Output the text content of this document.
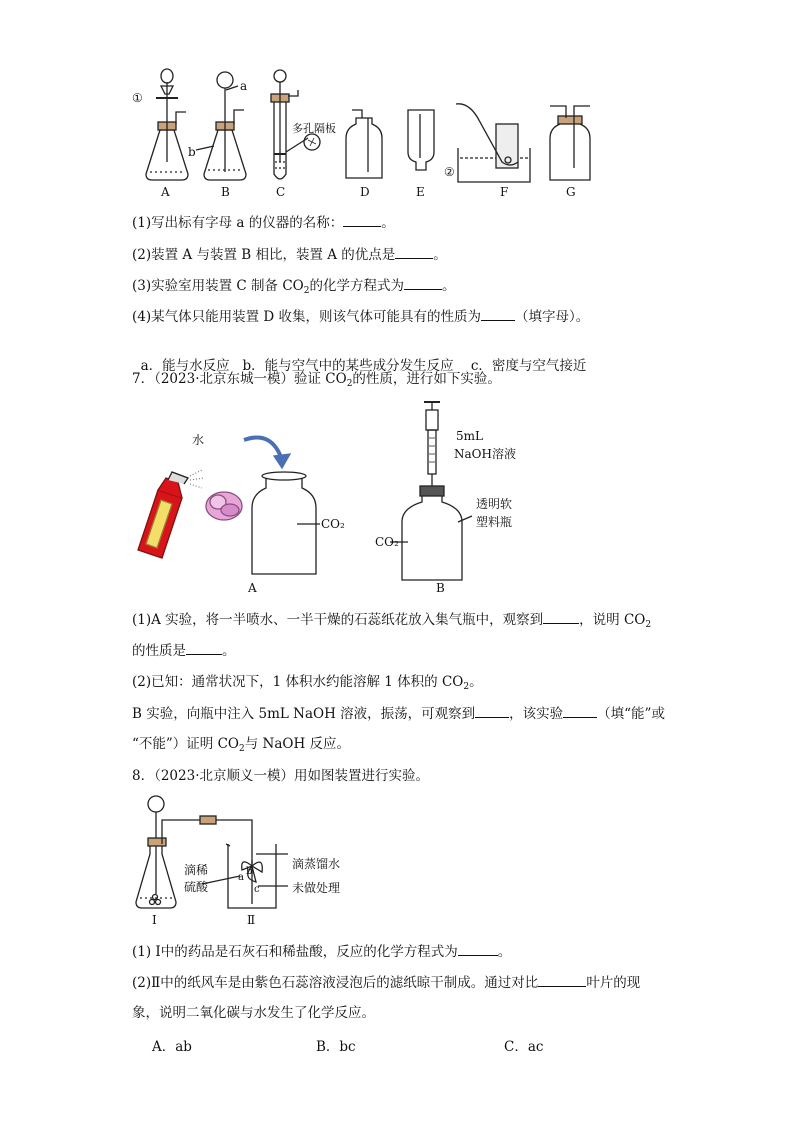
A	B	C	D	E	F	G
①
②
a
b
多孔隔板
(1)写出标有字母 a 的仪器的名称：	。
(2)装置 A 与装置 B 相比，装置 A 的优点是	。
(3)实验室用装置 C 制备 $CO_2$的化学方程式为	。
(4)某气体只能用装置 D 收集，则该气体可能具有的性质为	（填字母）。

a．能与水反应   b．能与空气中的某些成分发生反应    c．密度与空气接近

7．（2023·北京东城一模）验证 $CO_2$的性质，进行如下实验。
水
CO₂
CO₂
5mL
NaOH溶液
透明软
塑料瓶
A	B
(1)A 实验，将一半喷水、一半干燥的石蕊纸花放入集气瓶中，观察到	，说明 $CO_2$
的性质是	。
(2)已知：通常状况下，1 体积水约能溶解 1 体积的 $CO_2$。
B 实验，向瓶中注入 5mL NaOH 溶液，振荡，可观察到	，该实验	（填“能”或
“不能”）证明 $CO_2$与 NaOH 反应。
8．（2023·北京顺义一模）用如图装置进行实验。
滴稀
硫酸
滴蒸馏水
未做处理
a
b
c
Ⅰ	Ⅱ
(1) Ⅰ中的药品是石灰石和稀盐酸，反应的化学方程式为	。
(2)Ⅱ中的纸风车是由紫色石蕊溶液浸泡后的滤纸晾干制成。通过对比	叶片的现
象，说明二氧化碳与水发生了化学反应。
A．ab	B．bc	C．ac
